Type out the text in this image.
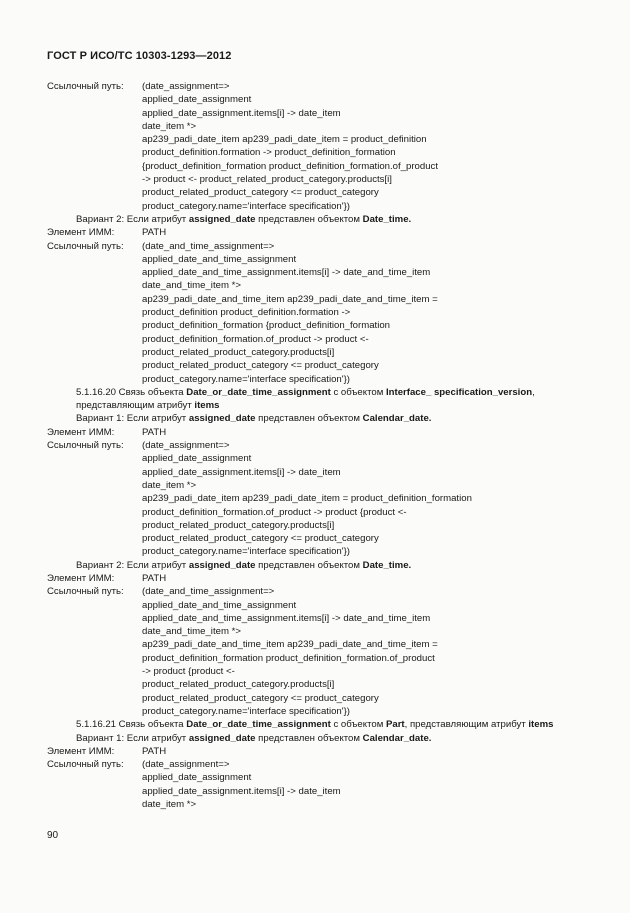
ГОСТ Р ИСО/ТС 10303-1293—2012
Ссылочный путь:	(date_assignment=>
applied_date_assignment
applied_date_assignment.items[i] -> date_item
date_item *>
ap239_padi_date_item ap239_padi_date_item = product_definition
product_definition.formation -> product_definition_formation
{product_definition_formation product_definition_formation.of_product
-> product <- product_related_product_category.products[i]
product_related_product_category <= product_category
product_category.name='interface specification'})
Вариант 2: Если атрибут assigned_date представлен объектом Date_time.
Элемент ИММ:	PATH
Ссылочный путь:	(date_and_time_assignment=>
applied_date_and_time_assignment
applied_date_and_time_assignment.items[i] -> date_and_time_item
date_and_time_item *>
ap239_padi_date_and_time_item ap239_padi_date_and_time_item =
product_definition product_definition.formation ->
product_definition_formation {product_definition_formation
product_definition_formation.of_product -> product <-
product_related_product_category.products[i]
product_related_product_category <= product_category
product_category.name='interface specification'})
5.1.16.20 Связь объекта Date_or_date_time_assignment с объектом Interface_ specification_version, представляющим атрибут items
Вариант 1: Если атрибут assigned_date представлен объектом Calendar_date.
Элемент ИММ:	PATH
Ссылочный путь:	(date_assignment=>
applied_date_assignment
applied_date_assignment.items[i] -> date_item
date_item *>
ap239_padi_date_item ap239_padi_date_item = product_definition_formation
product_definition_formation.of_product -> product {product <-
product_related_product_category.products[i]
product_related_product_category <= product_category
product_category.name='interface specification'})
Вариант 2: Если атрибут assigned_date представлен объектом Date_time.
Элемент ИММ:	PATH
Ссылочный путь:	(date_and_time_assignment=>
applied_date_and_time_assignment
applied_date_and_time_assignment.items[i] -> date_and_time_item
date_and_time_item *>
ap239_padi_date_and_time_item ap239_padi_date_and_time_item =
product_definition_formation product_definition_formation.of_product
-> product {product <-
product_related_product_category.products[i]
product_related_product_category <= product_category
product_category.name='interface specification'})
5.1.16.21 Связь объекта Date_or_date_time_assignment с объектом Part, представляющим атрибут items
Вариант 1: Если атрибут assigned_date представлен объектом Calendar_date.
Элемент ИММ:	PATH
Ссылочный путь:	(date_assignment=>
applied_date_assignment
applied_date_assignment.items[i] -> date_item
date_item *>
90
